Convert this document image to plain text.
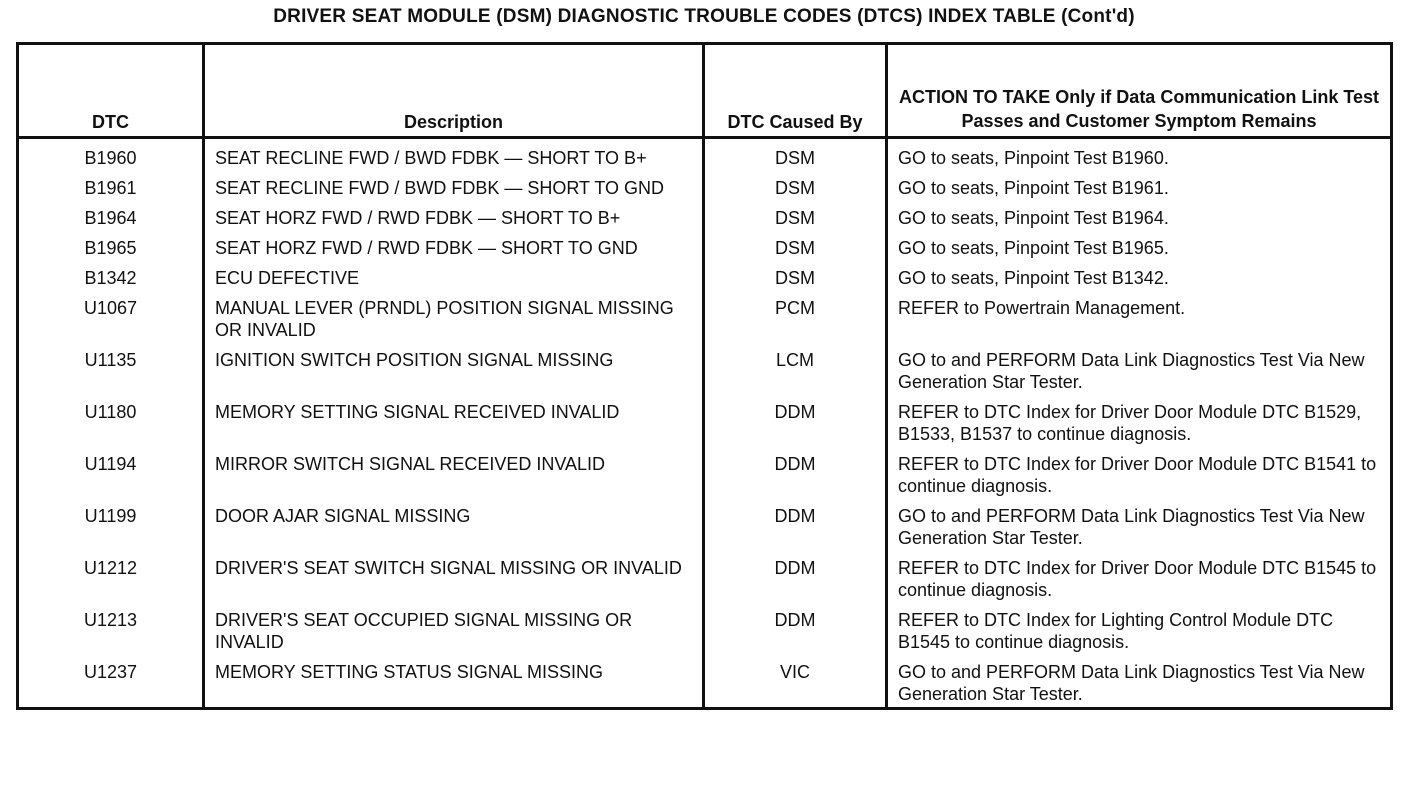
DRIVER SEAT MODULE (DSM) DIAGNOSTIC TROUBLE CODES (DTCS) INDEX TABLE (Cont'd)
DTC	Description	DTC Caused By	ACTION TO TAKE Only if Data Communication Link Test Passes and Customer Symptom Remains
B1960	SEAT RECLINE FWD / BWD FDBK — SHORT TO B+	DSM	GO to seats, Pinpoint Test B1960.
B1961	SEAT RECLINE FWD / BWD FDBK — SHORT TO GND	DSM	GO to seats, Pinpoint Test B1961.
B1964	SEAT HORZ FWD / RWD FDBK — SHORT TO B+	DSM	GO to seats, Pinpoint Test B1964.
B1965	SEAT HORZ FWD / RWD FDBK — SHORT TO GND	DSM	GO to seats, Pinpoint Test B1965.
B1342	ECU DEFECTIVE	DSM	GO to seats, Pinpoint Test B1342.
U1067	MANUAL LEVER (PRNDL) POSITION SIGNAL MISSING OR INVALID	PCM	REFER to Powertrain Management.
U1135	IGNITION SWITCH POSITION SIGNAL MISSING	LCM	GO to and PERFORM Data Link Diagnostics Test Via New Generation Star Tester.
U1180	MEMORY SETTING SIGNAL RECEIVED INVALID	DDM	REFER to DTC Index for Driver Door Module DTC B1529, B1533, B1537 to continue diagnosis.
U1194	MIRROR SWITCH SIGNAL RECEIVED INVALID	DDM	REFER to DTC Index for Driver Door Module DTC B1541 to continue diagnosis.
U1199	DOOR AJAR SIGNAL MISSING	DDM	GO to and PERFORM Data Link Diagnostics Test Via New Generation Star Tester.
U1212	DRIVER'S SEAT SWITCH SIGNAL MISSING OR INVALID	DDM	REFER to DTC Index for Driver Door Module DTC B1545 to continue diagnosis.
U1213	DRIVER'S SEAT OCCUPIED SIGNAL MISSING OR INVALID	DDM	REFER to DTC Index for Lighting Control Module DTC B1545 to continue diagnosis.
U1237	MEMORY SETTING STATUS SIGNAL MISSING	VIC	GO to and PERFORM Data Link Diagnostics Test Via New Generation Star Tester.
